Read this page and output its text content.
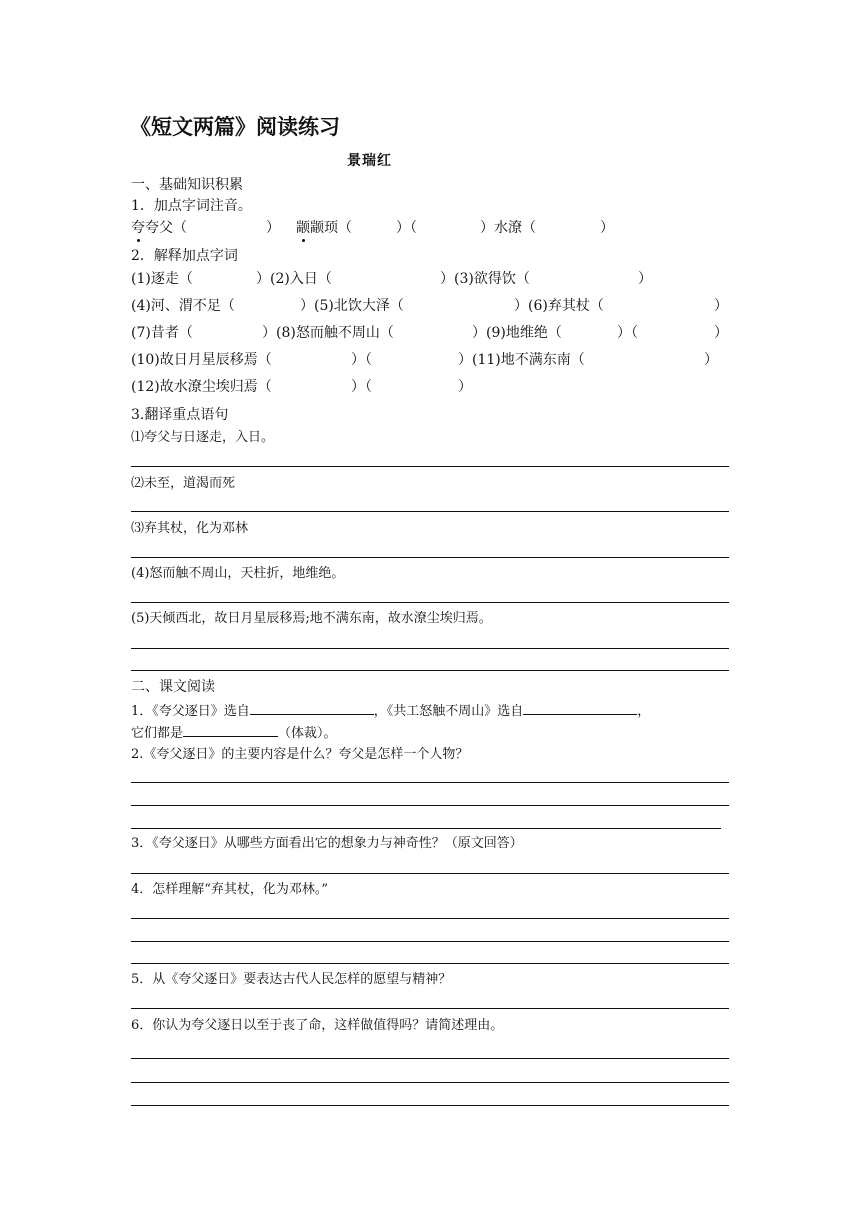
《短文两篇》阅读练习
景瑞红
一、基础知识积累
1．加点字词注音。
夸夸父（	） 颛颛顼（	）（	）水潦（	）
2．解释加点字词
(1)逐走（	）(2)入日（	）(3)欲得饮（	）
(4)河、渭不足（	）(5)北饮大泽（	）(6)弃其杖（	）
(7)昔者（	）(8)怒而触不周山（	）(9)地维绝（	）（	）
(10)故日月星辰移焉（	）（	）(11)地不满东南（	）
(12)故水潦尘埃归焉（	）（	）
3.翻译重点语句
⑴夸父与日逐走，入日。
⑵未至，道渴而死
⑶弃其杖，化为邓林
(4)怒而触不周山，天柱折，地维绝。
(5)天倾西北，故日月星辰移焉;地不满东南，故水潦尘埃归焉。
二、课文阅读
1．《夸父逐日》选自	，《共工怒触不周山》选自	，
它们都是	（体裁）。
2.《夸父逐日》的主要内容是什么？夸父是怎样一个人物？
3．《夸父逐日》从哪些方面看出它的想象力与神奇性？（原文回答）
4．怎样理解“弃其杖，化为邓林。”
5．从《夸父逐日》要表达古代人民怎样的愿望与精神？
6．你认为夸父逐日以至于丧了命，这样做值得吗？请简述理由。
